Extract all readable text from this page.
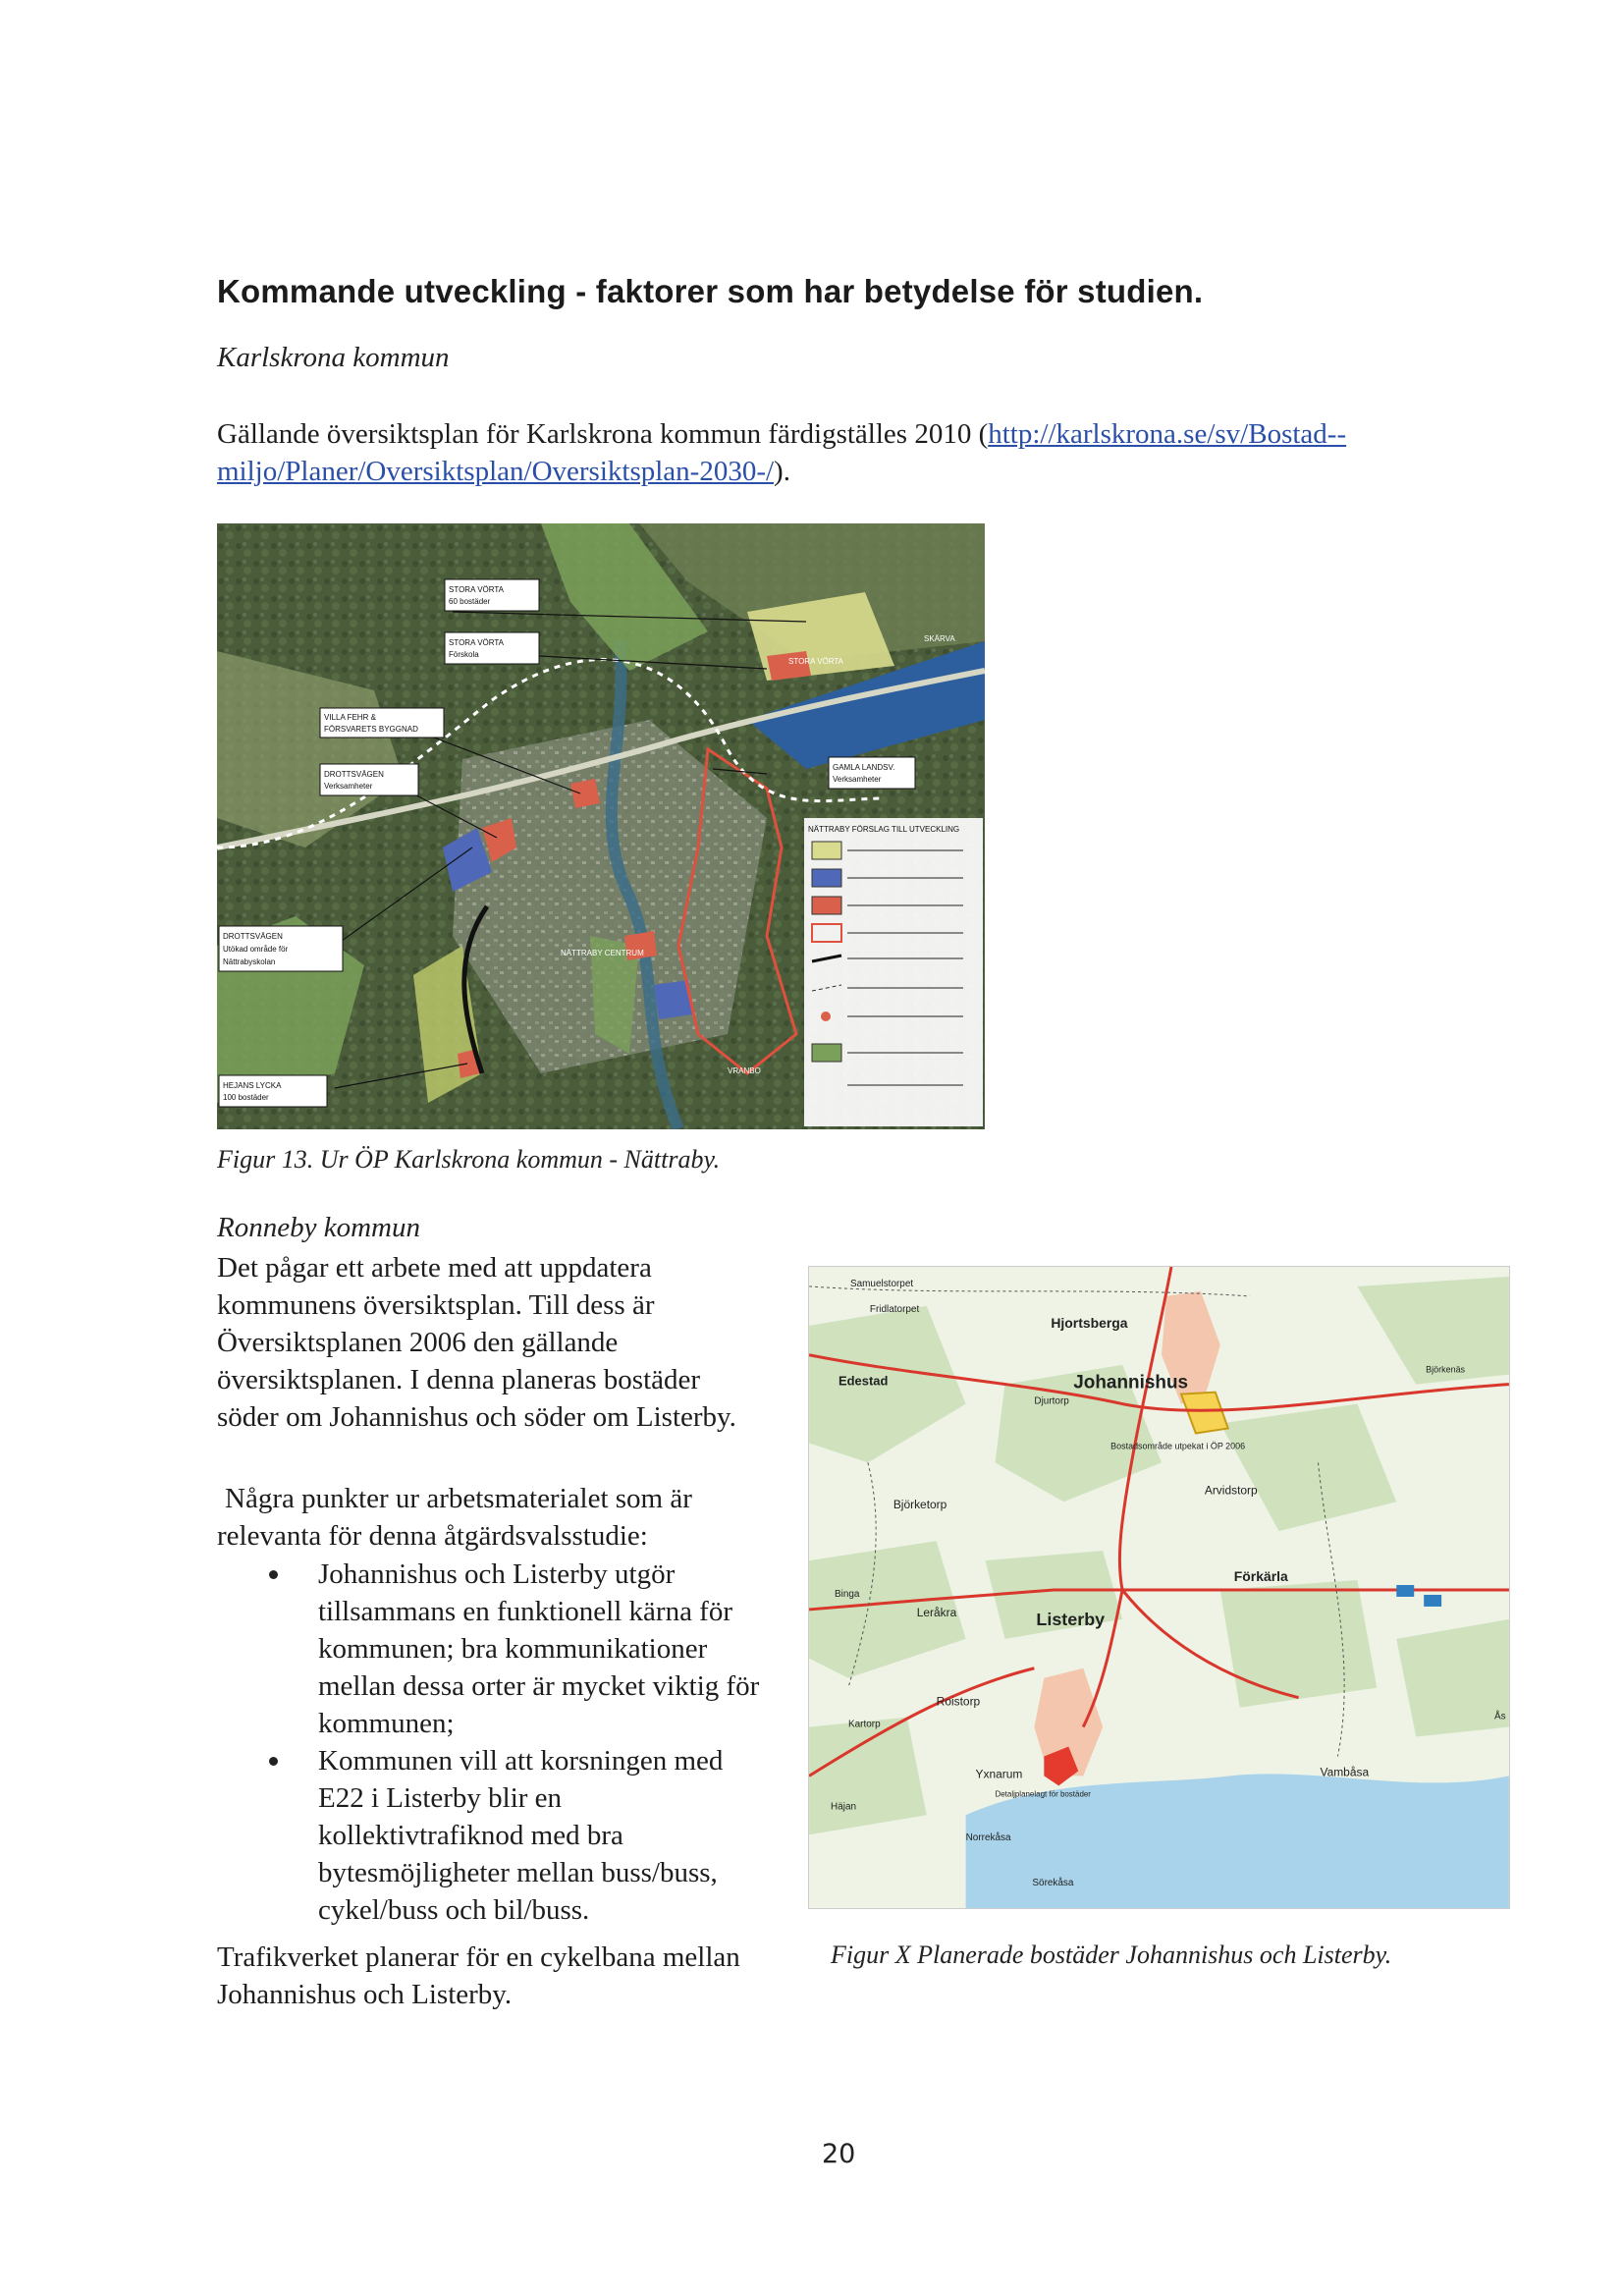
Kommande utveckling - faktorer som har betydelse för studien.
Karlskrona kommun
Gällande översiktsplan för Karlskrona kommun färdigställes 2010 (http://karlskrona.se/sv/Bostad--
miljo/Planer/Oversiktsplan/Oversiktsplan-2030-/).
STORA VÖRTA
60 bostäder
STORA VÖRTA
Förskola
STORA VÖRTA
SKÄRVA
VILLA FEHR &
FÖRSVARETS BYGGNAD
DROTTSVÄGEN
Verksamheter
GAMLA LANDSV.
Verksamheter
DROTTSVÄGEN
Utökad område för
Nättrabyskolan
NÄTTRABY CENTRUM
VRANBO
HEJANS LYCKA
100 bostäder
NÄTTRABY FÖRSLAG TILL UTVECKLING
Figur 13. Ur ÖP Karlskrona kommun - Nättraby.
Ronneby kommun
Det pågar ett arbete med att uppdatera
kommunens översiktsplan. Till dess är
Översiktsplanen 2006 den gällande
översiktsplanen. I denna planeras bostäder
söder om Johannishus och söder om Listerby.
Några punkter ur arbetsmaterialet som är
relevanta för denna åtgärdsvalsstudie:
Johannishus och Listerby utgör
tillsammans en funktionell kärna för
kommunen; bra kommunikationer
mellan dessa orter är mycket viktig för
kommunen;
Kommunen vill att korsningen med
E22 i Listerby blir en
kollektivtrafiknod med bra
bytesmöjligheter mellan buss/buss,
cykel/buss och bil/buss.
Trafikverket planerar för en cykelbana mellan
Johannishus och Listerby.
Samuelstorpet
Fridlatorpet
Hjortsberga
Edestad	Johannishus
Djurtorp
Björkenäs
Bostadsområde utpekat i ÖP 2006
Arvidstorp
Björketorp
Binga
Leråkra	Listerby
Förkärla
Roistorp
Kartorp
Yxnarum
Detaljplanelagt för bostäder
Häjan
Norrekåsa
Sörekåsa
Vambåsa
Ås
Figur X Planerade bostäder Johannishus och Listerby.
20
